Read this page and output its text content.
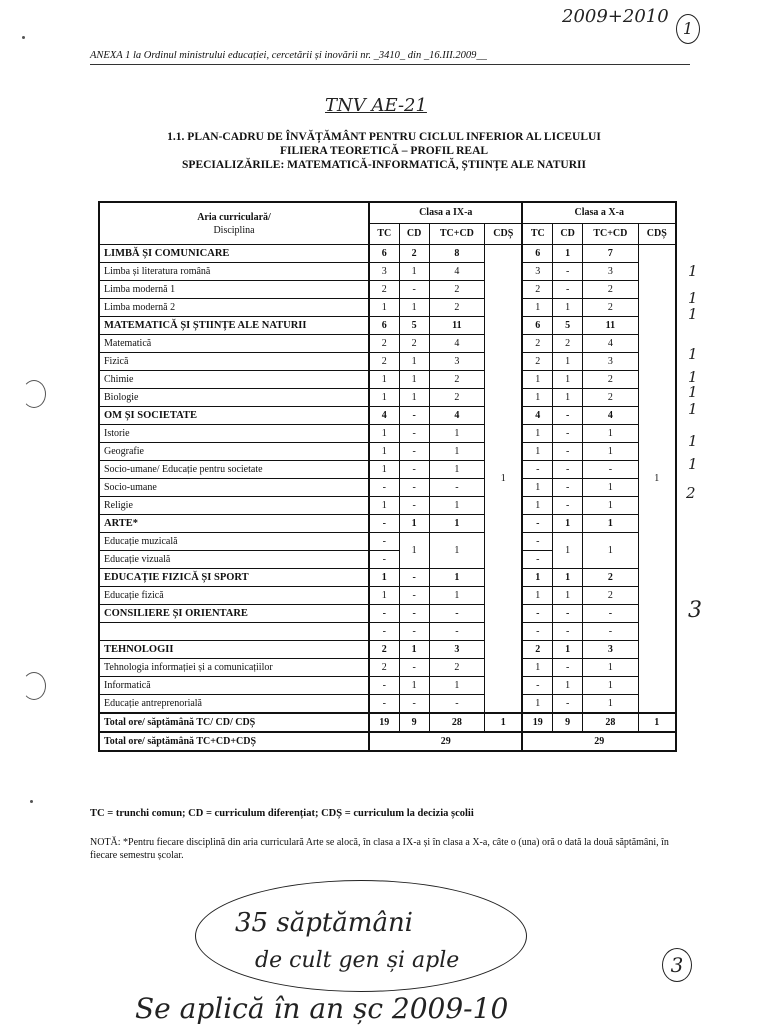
2009+2010
1
ANEXA 1 la Ordinul ministrului educației, cercetării și inovării nr. _3410_ din _16.III.2009__
TNV AE-21
1.1. PLAN-CADRU DE ÎNVĂȚĂMÂNT PENTRU CICLUL INFERIOR AL LICEULUI
FILIERA TEORETICĂ – PROFIL REAL
SPECIALIZĂRILE: MATEMATICĂ-INFORMATICĂ, ȘTIINȚE ALE NATURII
Aria curriculară/
Disciplina	Clasa a IX-a				Clasa a X-a			
	TC	CD	TC+CD	CDȘ	TC	CD	TC+CD	CDȘ
LIMBĂ ȘI COMUNICARE	6	2	8	1	6	1	7	1
Limba și literatura română	3	1	4		3	-	3	
Limba modernă 1	2	-	2		2	-	2	
Limba modernă 2	1	1	2		1	1	2	
MATEMATICĂ ȘI ȘTIINȚE ALE NATURII	6	5	11		6	5	11	
Matematică	2	2	4		2	2	4	
Fizică	2	1	3		2	1	3	
Chimie	1	1	2		1	1	2	
Biologie	1	1	2		1	1	2	
OM ȘI SOCIETATE	4	-	4		4	-	4	
Istorie	1	-	1		1	-	1	
Geografie	1	-	1		1	-	1	
Socio-umane/ Educație pentru societate	1	-	1		-	-	-	
Socio-umane	-	-	-		1	-	1	
Religie	1	-	1		1	-	1	
ARTE*	-	1	1		-	1	1	
Educație muzicală	-	1	1		-	1	1	
Educație vizuală	-				-			
EDUCAȚIE FIZICĂ ȘI SPORT	1	-	1		1	1	2	
Educație fizică	1	-	1		1	1	2	
CONSILIERE ȘI ORIENTARE	-	-	-		-	-	-	
	-	-	-		-	-	-	
TEHNOLOGII	2	1	3		2	1	3	
Tehnologia informației și a comunicațiilor	2	-	2		1	-	1	
Informatică	-	1	1		-	1	1	
Educație antreprenorială	-	-	-		1	-	1	
Total ore/ săptămână TC/ CD/ CDȘ	19	9	28	1	19	9	28	1
Total ore/ săptămână TC+CD+CDȘ	29				29			
1
1
1
1
1
1
1
1
1
2
3
TC = trunchi comun; CD = curriculum diferențiat; CDȘ = curriculum la decizia școlii
NOTĂ: *Pentru fiecare disciplină din aria curriculară Arte se alocă, în clasa a IX-a și în clasa a X-a, câte o (una) oră o dată la două săptămâni, în fiecare semestru școlar.
35 săptămâni
de cult gen și aple	3
Se aplică în an șc 2009-10
